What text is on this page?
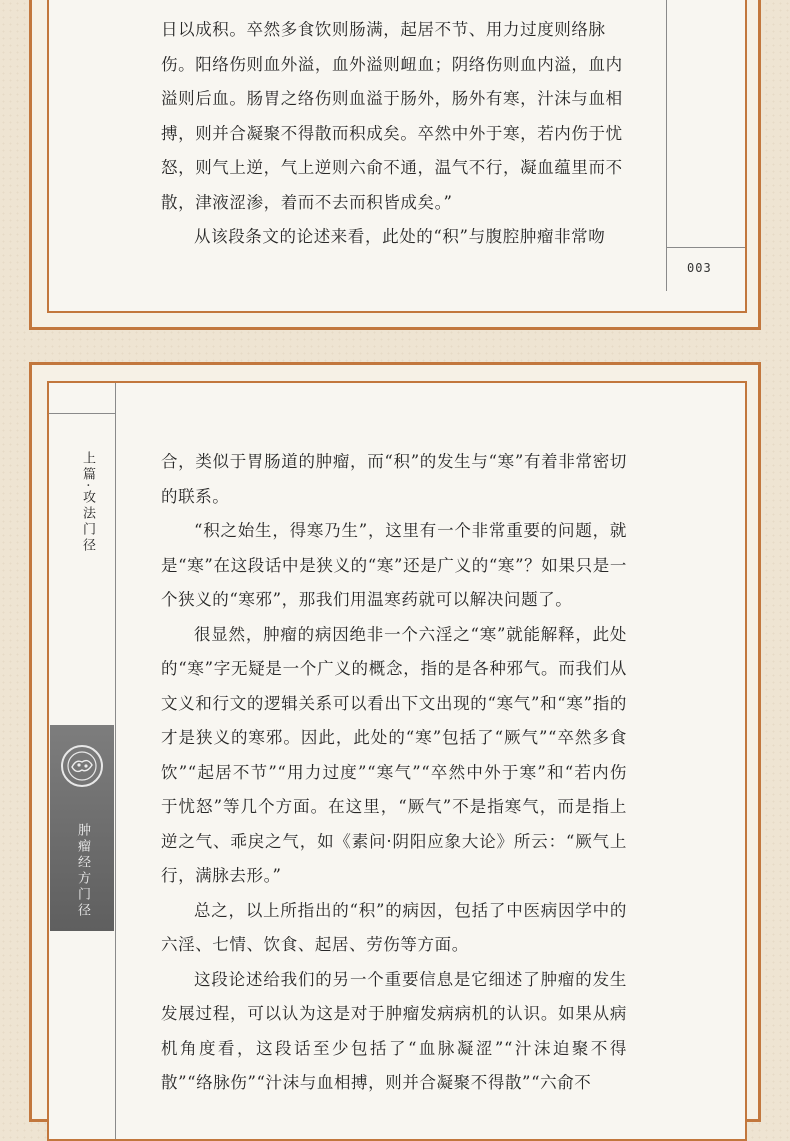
日以成积。卒然多食饮则肠满，起居不节、用力过度则络脉

伤。阳络伤则血外溢，血外溢则衄血；阴络伤则血内溢，血内

溢则后血。肠胃之络伤则血溢于肠外，肠外有寒，汁沫与血相

搏，则并合凝聚不得散而积成矣。卒然中外于寒，若内伤于忧

怒，则气上逆，气上逆则六俞不通，温气不行，凝血蕴里而不

散，津液涩渗，着而不去而积皆成矣。”

从该段条文的论述来看，此处的“积”与腹腔肿瘤非常吻

003
上篇·攻法门径
肿瘤经方门径

合，类似于胃肠道的肿瘤，而“积”的发生与“寒”有着非常密切的联系。

“积之始生，得寒乃生”，这里有一个非常重要的问题，就是“寒”在这段话中是狭义的“寒”还是广义的“寒”？如果只是一个狭义的“寒邪”，那我们用温寒药就可以解决问题了。

很显然，肿瘤的病因绝非一个六淫之“寒”就能解释，此处的“寒”字无疑是一个广义的概念，指的是各种邪气。而我们从文义和行文的逻辑关系可以看出下文出现的“寒气”和“寒”指的才是狭义的寒邪。因此，此处的“寒”包括了“厥气”“卒然多食饮”“起居不节”“用力过度”“寒气”“卒然中外于寒”和“若内伤于忧怒”等几个方面。在这里，“厥气”不是指寒气，而是指上逆之气、乖戾之气，如《素问·阴阳应象大论》所云：“厥气上行，满脉去形。”

总之，以上所指出的“积”的病因，包括了中医病因学中的六淫、七情、饮食、起居、劳伤等方面。

这段论述给我们的另一个重要信息是它细述了肿瘤的发生发展过程，可以认为这是对于肿瘤发病病机的认识。如果从病机角度看，这段话至少包括了“血脉凝涩”“汁沫迫聚不得散”“络脉伤”“汁沫与血相搏，则并合凝聚不得散”“六俞不
